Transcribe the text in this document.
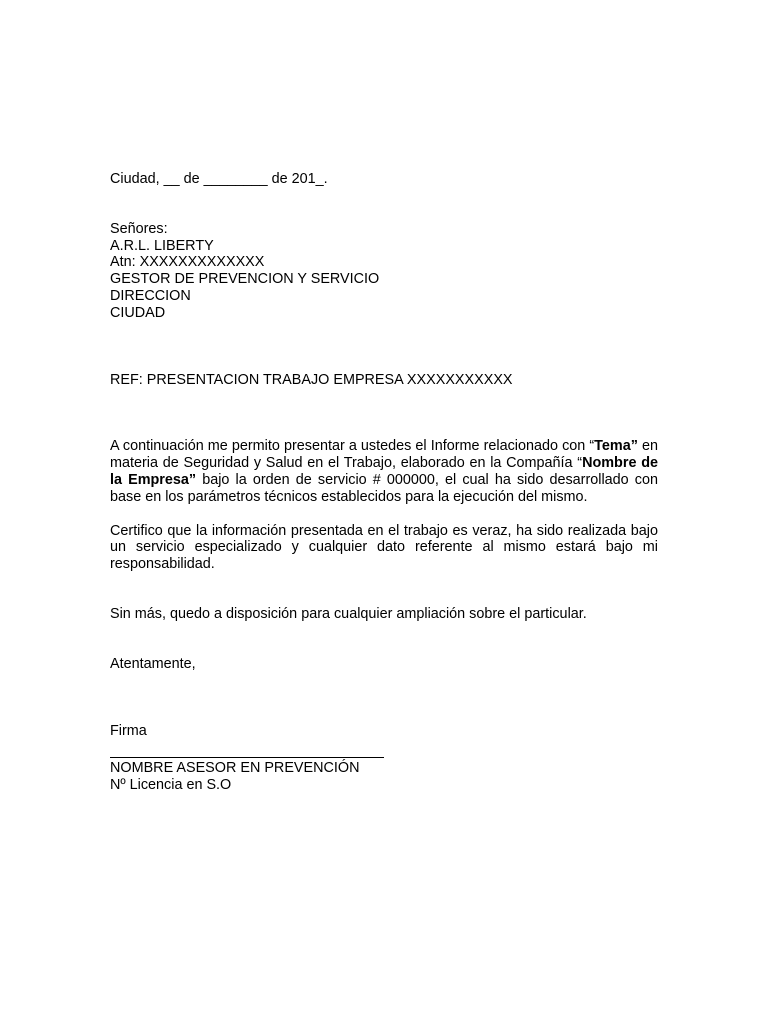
Ciudad, __ de ________ de 201_.
Señores:
A.R.L. LIBERTY
Atn: XXXXXXXXXXXXX
GESTOR DE PREVENCION Y SERVICIO
DIRECCION
CIUDAD
REF: PRESENTACION TRABAJO EMPRESA XXXXXXXXXXX

A continuación me permito presentar a ustedes el Informe relacionado con “Tema” en materia de Seguridad y Salud en el Trabajo, elaborado en la Compañía “Nombre de la Empresa” bajo la orden de servicio # 000000, el cual ha sido desarrollado con base en los parámetros técnicos establecidos para la ejecución del mismo.

Certifico que la información presentada en el trabajo es veraz, ha sido realizada bajo un servicio especializado y cualquier dato referente al mismo estará bajo mi responsabilidad.

Sin más, quedo a disposición para cualquier ampliación sobre el particular.

Atentamente,
Firma
NOMBRE ASESOR EN PREVENCIÓN
Nº Licencia en S.O
